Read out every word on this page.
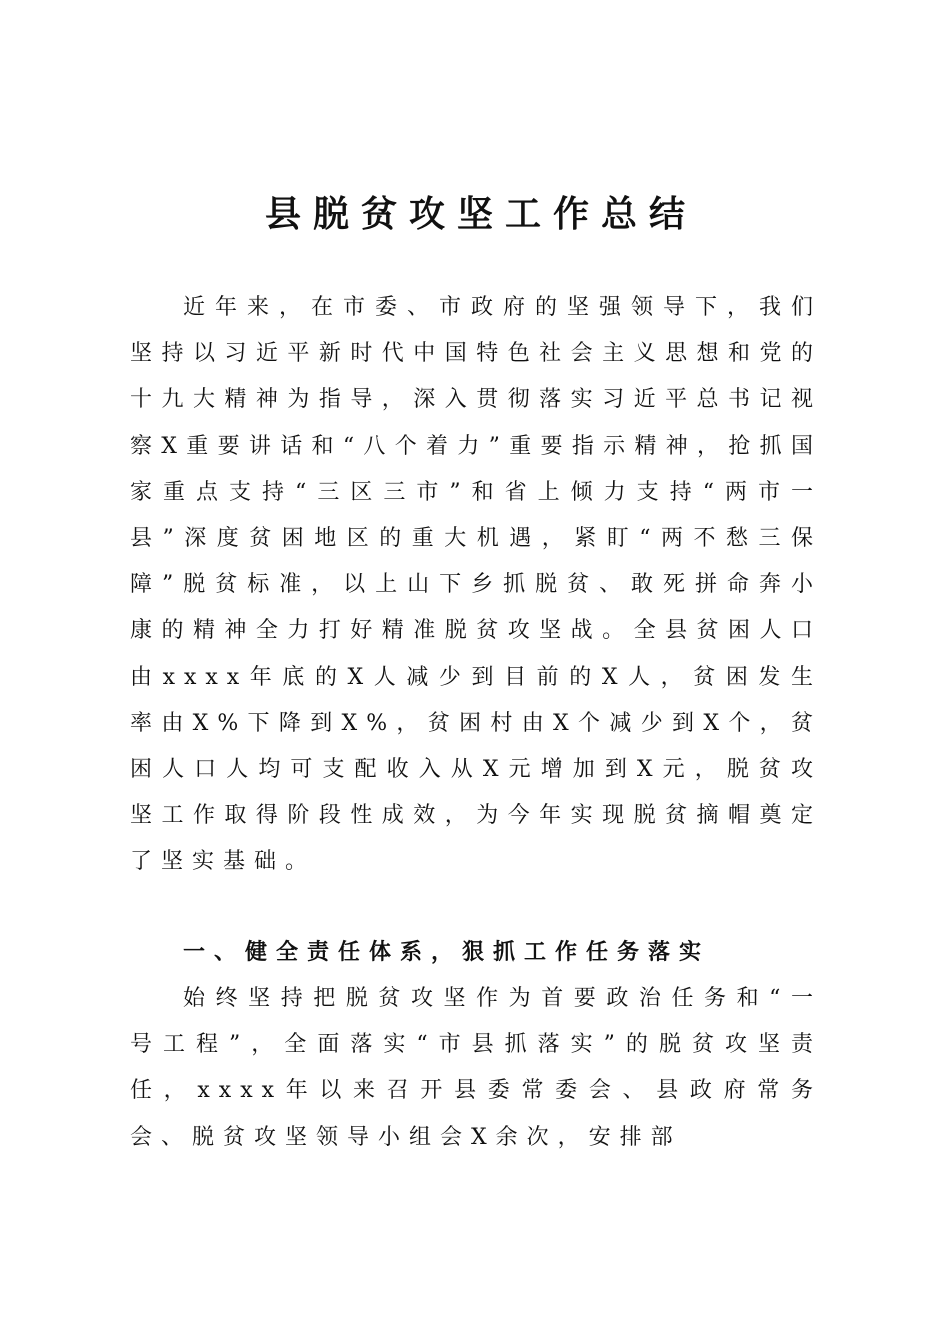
县脱贫攻坚工作总结

近年来，在市委、市政府的坚强领导下，我们坚持以习近平新时代中国特色社会主义思想和党的十九大精神为指导，深入贯彻落实习近平总书记视察X重要讲话和“八个着力”重要指示精神，抢抓国家重点支持“三区三市”和省上倾力支持“两市一县”深度贫困地区的重大机遇，紧盯“两不愁三保障”脱贫标准，以上山下乡抓脱贫、敢死拼命奔小康的精神全力打好精准脱贫攻坚战。全县贫困人口由xxxx年底的X人减少到目前的X人，贫困发生率由X%下降到X%，贫困村由X个减少到X个，贫困人口人均可支配收入从X元增加到X元，脱贫攻坚工作取得阶段性成效，为今年实现脱贫摘帽奠定了坚实基础。

一、健全责任体系，狠抓工作任务落实

始终坚持把脱贫攻坚作为首要政治任务和“一号工程”，全面落实“市县抓落实”的脱贫攻坚责任，xxxx年以来召开县委常委会、县政府常务会、脱贫攻坚领导小组会X余次，安排部
